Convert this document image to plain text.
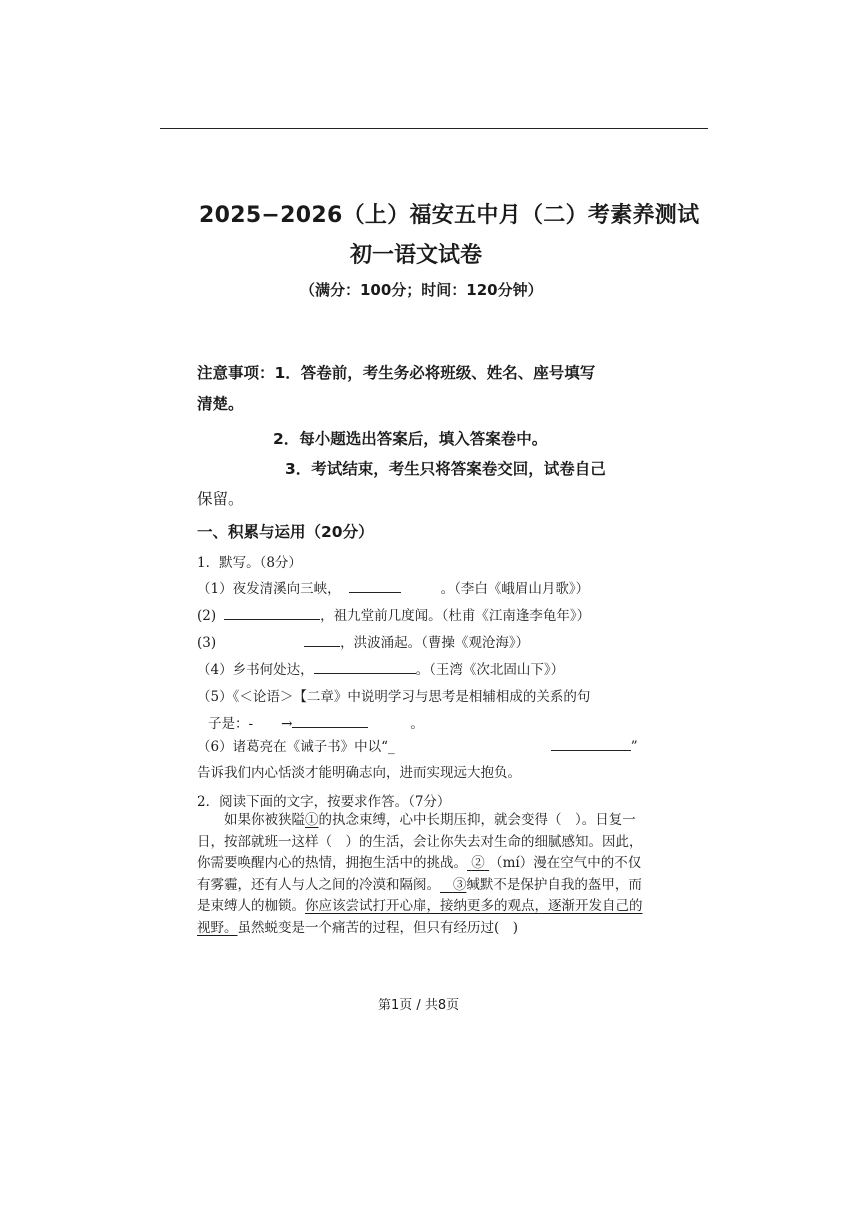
2025−2026（上）福安五中月（二）考素养测试
初一语文试卷
（满分：100分；时间：120分钟）
注意事项：1．答卷前，考生务必将班级、姓名、座号填写
清楚。
2．每小题选出答案后，填入答案卷中。
3．考试结束，考生只将答案卷交回，试卷自己
保留。
一、积累与运用（20分）
1．默写。（8分）
（1）夜发清溪向三峡，	。（李白《峨眉山月歌》）
(2)	，祖九堂前几度闻。（杜甫《江南逢李龟年》）
(3)	，洪波涌起。（曹操《观沧海》）
（4）乡书何处达，	。（王湾《次北固山下》）
（5）《＜论语＞【二章》中说明学习与思考是相辅相成的关系的句
子是：- →	。
（6）诸葛亮在《诫子书》中以“_	”
告诉我们内心恬淡才能明确志向，进而实现远大抱负。
2．阅读下面的文字，按要求作答。（7分）

如果你被狭隘①的执念束缚，心中长期压抑，就会变得（　）。日复一日，按部就班一这样（　）的生活，会让你失去对生命的细腻感知。因此，你需要唤醒内心的热情，拥抱生活中的挑战。 ② （mí）漫在空气中的不仅有雾霾，还有人与人之间的冷漠和隔阂。 ③缄默不是保护自我的盔甲，而是束缚人的枷锁。你应该尝试打开心扉，接纳更多的观点，逐渐开发自己的视野。虽然蜕变是一个痛苦的过程，但只有经历过(　)

第1页 / 共8页
